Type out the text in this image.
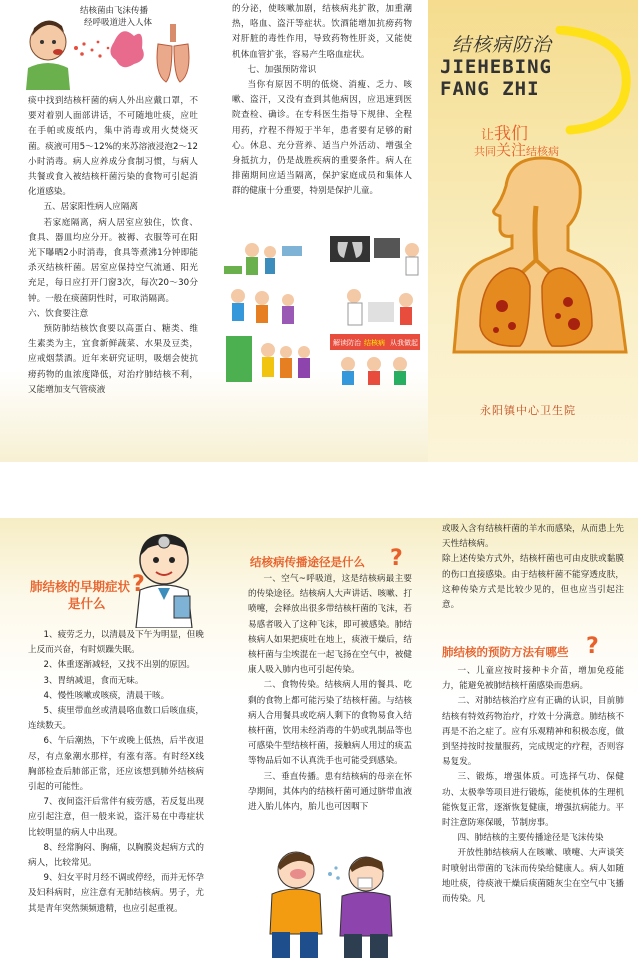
结核菌由飞沫传播
经呼吸道进入人体

痰中找到结核杆菌的病人外出应戴口罩，不要对着别人面部讲话，不可随地吐痰，应吐在手帕或废纸内，集中消毒或用火焚烧灭菌。痰液可用5～12%的来苏溶液浸泡2～12小时消毒。病人应养成分食制习惯，与病人共餐或食入被结核杆菌污染的食物可引起消化道感染。

五、居家阳性病人应隔离

若家庭隔离，病人居室应独住，饮食、食具、器皿均应分开。被褥、衣服等可在阳光下曝晒2小时消毒，食具等煮沸1分钟即能杀灭结核杆菌。居室应保持空气流通、阳光充足，每日应打开门窗3次，每次20～30分钟。一般在痰菌阴性时，可取消隔离。

六、饮食要注意

预防肺结核饮食要以高蛋白、糖类、维生素类为主，宜食新鲜蔬菜、水果及豆类，应戒烟禁酒。近年来研究证明，吸烟会使抗痨药物的血浓度降低，对治疗肺结核不利，又能增加支气管痰液

的分泌，使咳嗽加剧，结核病兆扩散，加重潮热，咯血、盗汗等症状。饮酒能增加抗痨药物对肝脏的毒性作用，导致药物性肝炎，又能使机体血管扩张，容易产生咯血症状。

七、加强预防常识

当你有原因不明的低烧、消瘦、乏力、咳嗽、盗汗，又没有查到其他病因，应迅速到医院查检、确诊。在专科医生指导下规律、全程用药，疗程不得短于半年，患者要有足够的耐心。休息、充分营养、适当户外活动、增强全身抵抗力，仍是战胜疾病的重要条件。病人在排菌期间应适当隔离，保护家庭成员和集体人群的健康十分重要，特别是保护儿童。

解读防治 结核病 从我做起
结核病防治
JIEHEBING
FANG ZHI
让我们
共同关注结核病
永阳镇中心卫生院
肺结核的早期症状
是什么
?

1、疲劳乏力，以清晨及下午为明显，但晚上反而兴奋，有时烦躁失眠。

2、体重逐渐减轻，又找不出别的原因。

3、胃纳减退，食而无味。

4、慢性咳嗽或咳痰，清晨干咳。

5、痰里带血丝或清晨咯血数口后咳血痰，连续数天。

6、午后潮热，下午或晚上低热，后半夜退尽，有点象潮水那样，有涨有落。有时经X线胸部检查后肺部正常，还应该想到肺外结核病引起的可能性。

7、夜间盗汗后常伴有疲劳感，若反复出现应引起注意，但一般来说，盗汗易在中毒症状比较明显的病人中出现。

8、经常胸闷、胸痛，以胸膜炎起病方式的病人，比较常见。

9、妇女平时月经不调或停经，而并无怀孕及妇科病时，应注意有无肺结核病。男子，尤其是青年突然频频遗精，也应引起重视。

结核病传播途径是什么 ?

一、空气~呼吸道，这是结核病最主要的传染途径。结核病人大声讲话、咳嗽、打喷嚏，会释放出很多带结核杆菌的飞沫，若易感者吸入了这种飞沫，即可被感染。肺结核病人如果把痰吐在地上，痰液干燥后，结核杆菌与尘埃混在一起飞扬在空气中，被健康人吸入肺内也可引起传染。

二、食物传染。结核病人用的餐具、吃剩的食物上都可能污染了结核杆菌。与结核病人合用餐具或吃病人剩下的食物易食入结核杆菌，饮用未经消毒的牛奶或乳制品等也可感染牛型结核杆菌，接触病人用过的痰盂等物品后如不认真洗手也可能受到感染。

三、垂直传播。患有结核病的母亲在怀孕期间，其体内的结核杆菌可通过脐带血液进入胎儿体内，胎儿也可因咽下

或吸入含有结核杆菌的羊水而感染，从而患上先天性结核病。

除上述传染方式外，结核杆菌也可由皮肤或黏膜的伤口直接感染。由于结核杆菌不能穿透皮肤，这种传染方式是比较少见的，但也应当引起注意。

肺结核的预防方法有哪些 ?

一、儿童应按时接种卡介苗，增加免疫能力，能避免被肺结核杆菌感染而患病。

二、对肺结核治疗应有正确的认识，目前肺结核有特效药物治疗，疗效十分满意。肺结核不再是不治之症了。应有乐观精神和积极态度，做到坚持按时按量服药，完成规定的疗程，否则容易复发。

三、锻炼，增强体质。可选择气功、保健功、太极拳等项目进行锻炼，能使机体的生理机能恢复正常，逐渐恢复健康，增强抗病能力。平时注意防寒保暖，节制房事。

四、肺结核的主要传播途径是飞沫传染

开放性肺结核病人在咳嗽、喷嚏、大声谈笑时喷射出带菌的飞沫而传染给健康人。病人如随地吐痰，待痰液干燥后痰菌随灰尘在空气中飞播而传染。凡
